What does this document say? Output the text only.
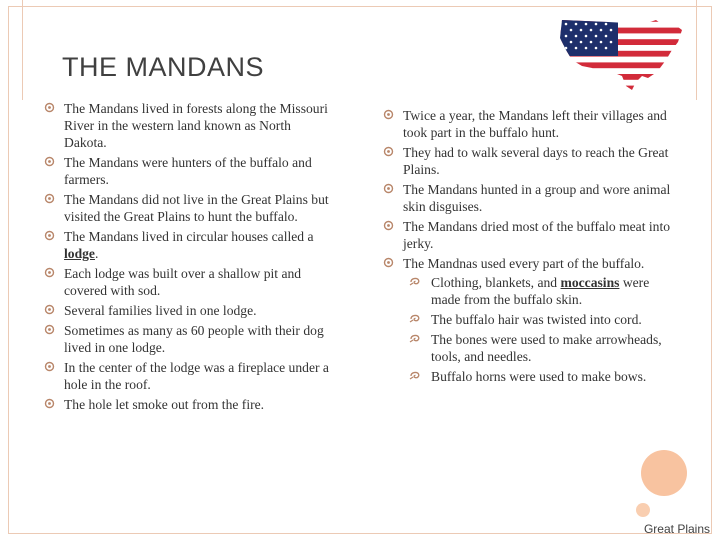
THE MANDANS
The Mandans lived in forests along the Missouri River in the western land known as North Dakota.
The Mandans were hunters of the buffalo and farmers.
The Mandans did not live in the Great Plains but visited the Great Plains to hunt the buffalo.
The Mandans lived in circular houses called a lodge.
Each lodge was built over a shallow pit and covered with sod.
Several families lived in one lodge.
Sometimes as many as 60 people with their dog lived in one lodge.
In the center of the lodge was a fireplace under a hole in the roof.
The hole let smoke out from the fire.
Twice a year, the Mandans left their villages and took part in the buffalo hunt.
They had to walk several days to reach the Great Plains.
The Mandans hunted in a group and wore animal skin disguises.
The Mandans dried most of the buffalo meat into jerky.
The Mandnas used every part of the buffalo.
Clothing, blankets, and moccasins were made from the buffalo skin.
The buffalo hair was twisted into cord.
The bones were used to make arrowheads, tools, and needles.
Buffalo horns were used to make bows.
Great Plains
